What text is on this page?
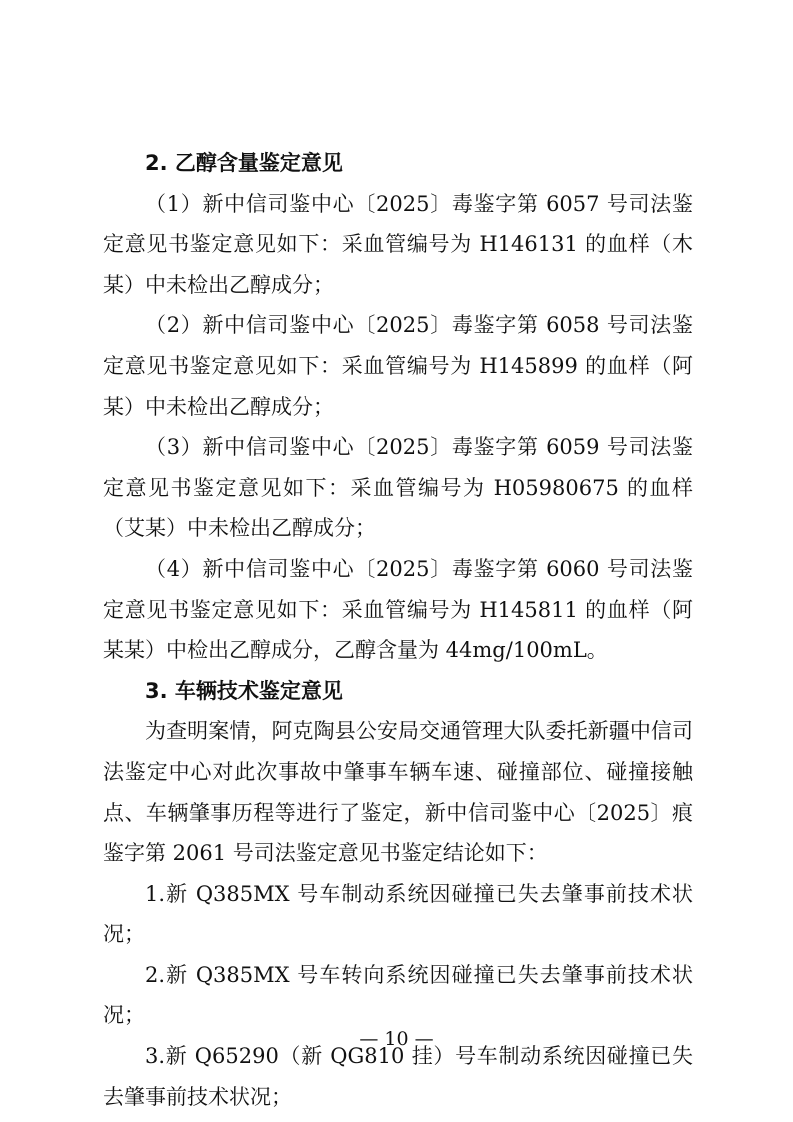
2. 乙醇含量鉴定意见

（1）新中信司鉴中心〔2025〕毒鉴字第 6057 号司法鉴定意见书鉴定意见如下：采血管编号为 H146131 的血样（木某）中未检出乙醇成分；

（2）新中信司鉴中心〔2025〕毒鉴字第 6058 号司法鉴定意见书鉴定意见如下：采血管编号为 H145899 的血样（阿某）中未检出乙醇成分；

（3）新中信司鉴中心〔2025〕毒鉴字第 6059 号司法鉴定意见书鉴定意见如下：采血管编号为 H05980675 的血样（艾某）中未检出乙醇成分；

（4）新中信司鉴中心〔2025〕毒鉴字第 6060 号司法鉴定意见书鉴定意见如下：采血管编号为 H145811 的血样（阿某某）中检出乙醇成分，乙醇含量为 44mg/100mL。

3. 车辆技术鉴定意见

为查明案情，阿克陶县公安局交通管理大队委托新疆中信司法鉴定中心对此次事故中肇事车辆车速、碰撞部位、碰撞接触点、车辆肇事历程等进行了鉴定，新中信司鉴中心〔2025〕痕鉴字第 2061 号司法鉴定意见书鉴定结论如下：

1.新 Q385MX 号车制动系统因碰撞已失去肇事前技术状况；

2.新 Q385MX 号车转向系统因碰撞已失去肇事前技术状况；

3.新 Q65290（新 QG810 挂）号车制动系统因碰撞已失去肇事前技术状况；

— 10 —
